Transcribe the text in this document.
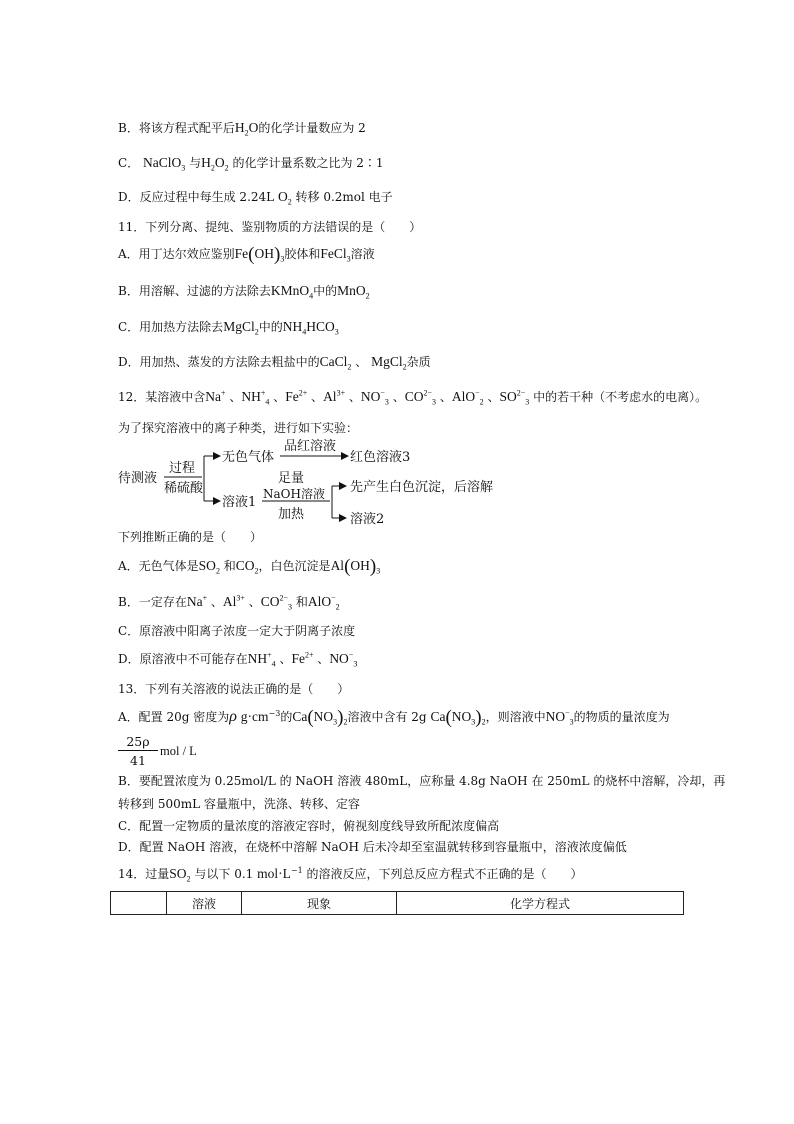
B．将该方程式配平后$H_2O$的化学计量数应为 2
C． NaClO$_3$ 与$H_2O_2$ 的化学计量系数之比为 2∶1
D．反应过程中每生成 2.24L $O_2$ 转移 0.2mol 电子
11．下列分离、提纯、鉴别物质的方法错误的是（　　）
A．用丁达尔效应鉴别$Fe(OH)_3$胶体和FeCl$_3$溶液
B．用溶解、过滤的方法除去KMnO$_4$中的MnO$_2$
C．用加热方法除去MgCl$_2$中的$NH_4HCO_3$
D．用加热、蒸发的方法除去粗盐中的CaCl$_2$ 、 MgCl$_2$杂质
12．某溶液中含Na+ 、$NH^+_4$ 、$Fe^{2+}$ 、$Al^{3+}$ 、$NO^-_3$ 、$CO^{2-}_3$ 、AlO−$_2$ 、$SO^{2-}_3$ 中的若干种（不考虑水的电离）。
为了探究溶液中的离子种类，进行如下实验：
待测液
过程
稀硫酸
无色气体
品红溶液
红色溶液3
溶液1
足量
NaOH溶液
加热
先产生白色沉淀，后溶解
溶液2
下列推断正确的是（　　）
A．无色气体是$SO_2$ 和$CO_2$，白色沉淀是$Al(OH)_3$
B．一定存在Na+ 、$Al^{3+}$ 、$CO^{2-}_3$ 和AlO−$_2$
C．原溶液中阳离子浓度一定大于阴离子浓度
D．原溶液中不可能存在$NH^+_4$ 、$Fe^{2+}$ 、$NO^-_3$
13．下列有关溶液的说法正确的是（　　）
A．配置 20g 密度为ρ $g\cdot cm^{-3}$的$Ca(NO_3)_2$溶液中含有 2g $Ca(NO_3)_2$，则溶液中$NO^-_3$的物质的量浓度为
$\frac{25\rho}{41}$ mol / L
B．要配置浓度为 0.25mol/L 的 NaOH 溶液 480mL，应称量 4.8g NaOH 在 250mL 的烧杯中溶解，冷却，再
转移到 500mL 容量瓶中，洗涤、转移、定容
C．配置一定物质的量浓度的溶液定容时，俯视刻度线导致所配浓度偏高
D．配置 NaOH 溶液，在烧杯中溶解 NaOH 后未冷却至室温就转移到容量瓶中，溶液浓度偏低
14．过量$SO_2$ 与以下 0.1 $mol\cdot L^{-1}$ 的溶液反应，下列总反应方程式不正确的是（　　）
	溶液	现象	化学方程式
